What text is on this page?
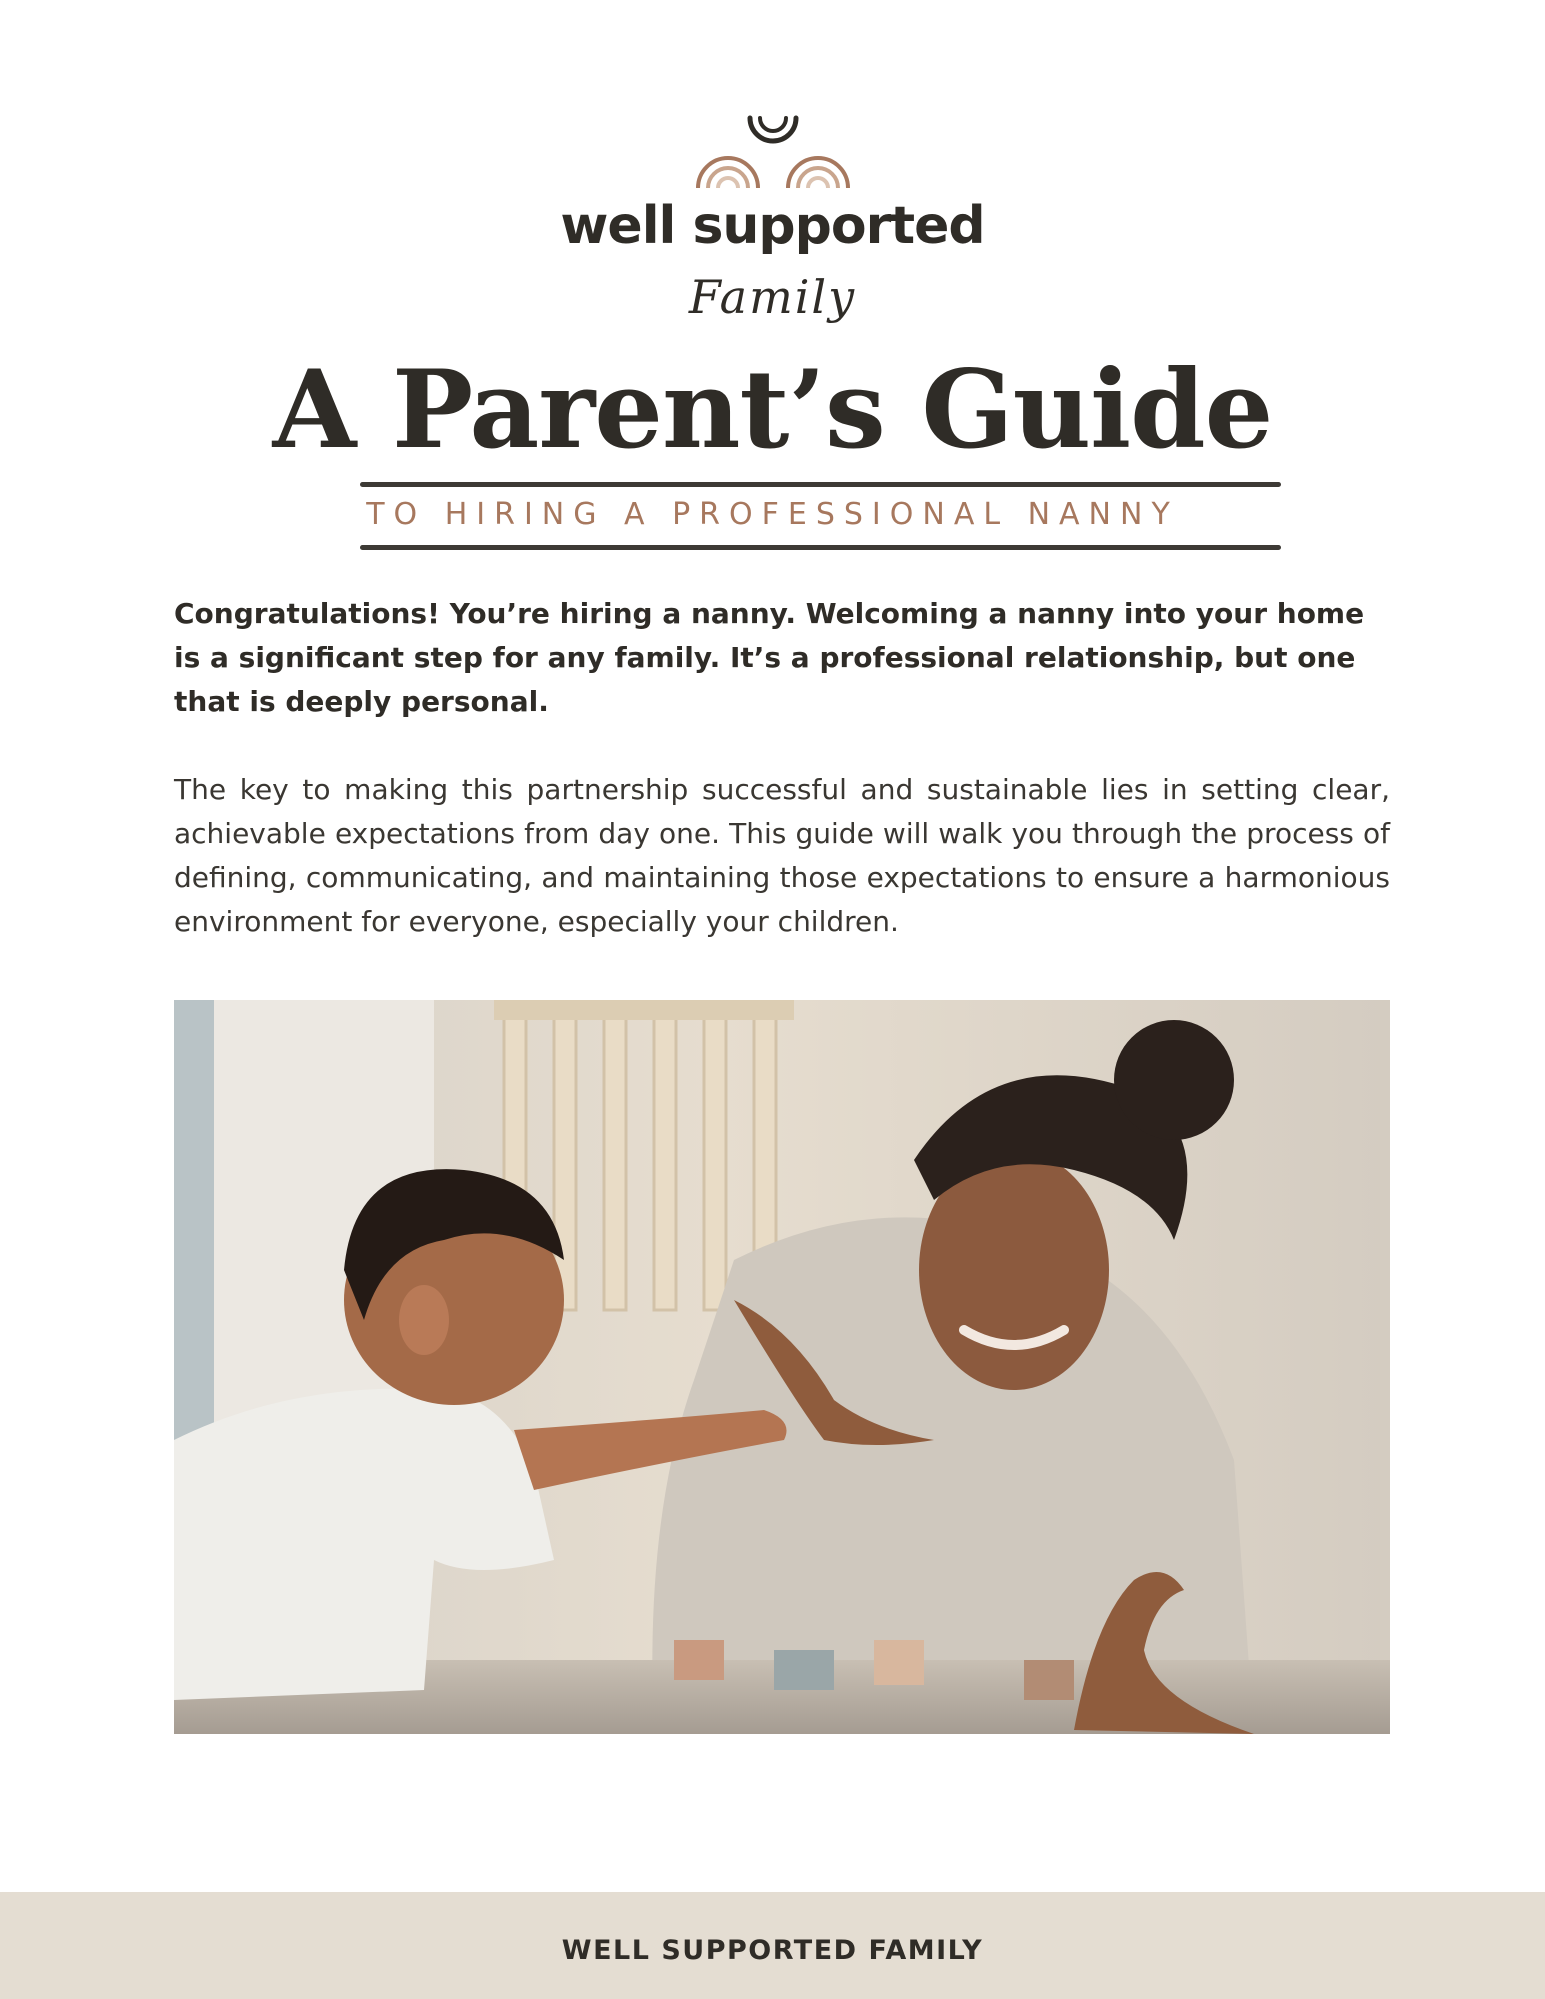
well supported
Family
A Parent’s Guide
TO HIRING A PROFESSIONAL NANNY

Congratulations! You’re hiring a nanny. Welcoming a nanny into your home is a significant step for any family. It’s a professional relationship, but one that is deeply personal.

The key to making this partnership successful and sustainable lies in setting clear, achievable expectations from day one. This guide will walk you through the process of defining, communicating, and maintaining those expectations to ensure a harmonious environment for everyone, especially your children.

WELL SUPPORTED FAMILY
